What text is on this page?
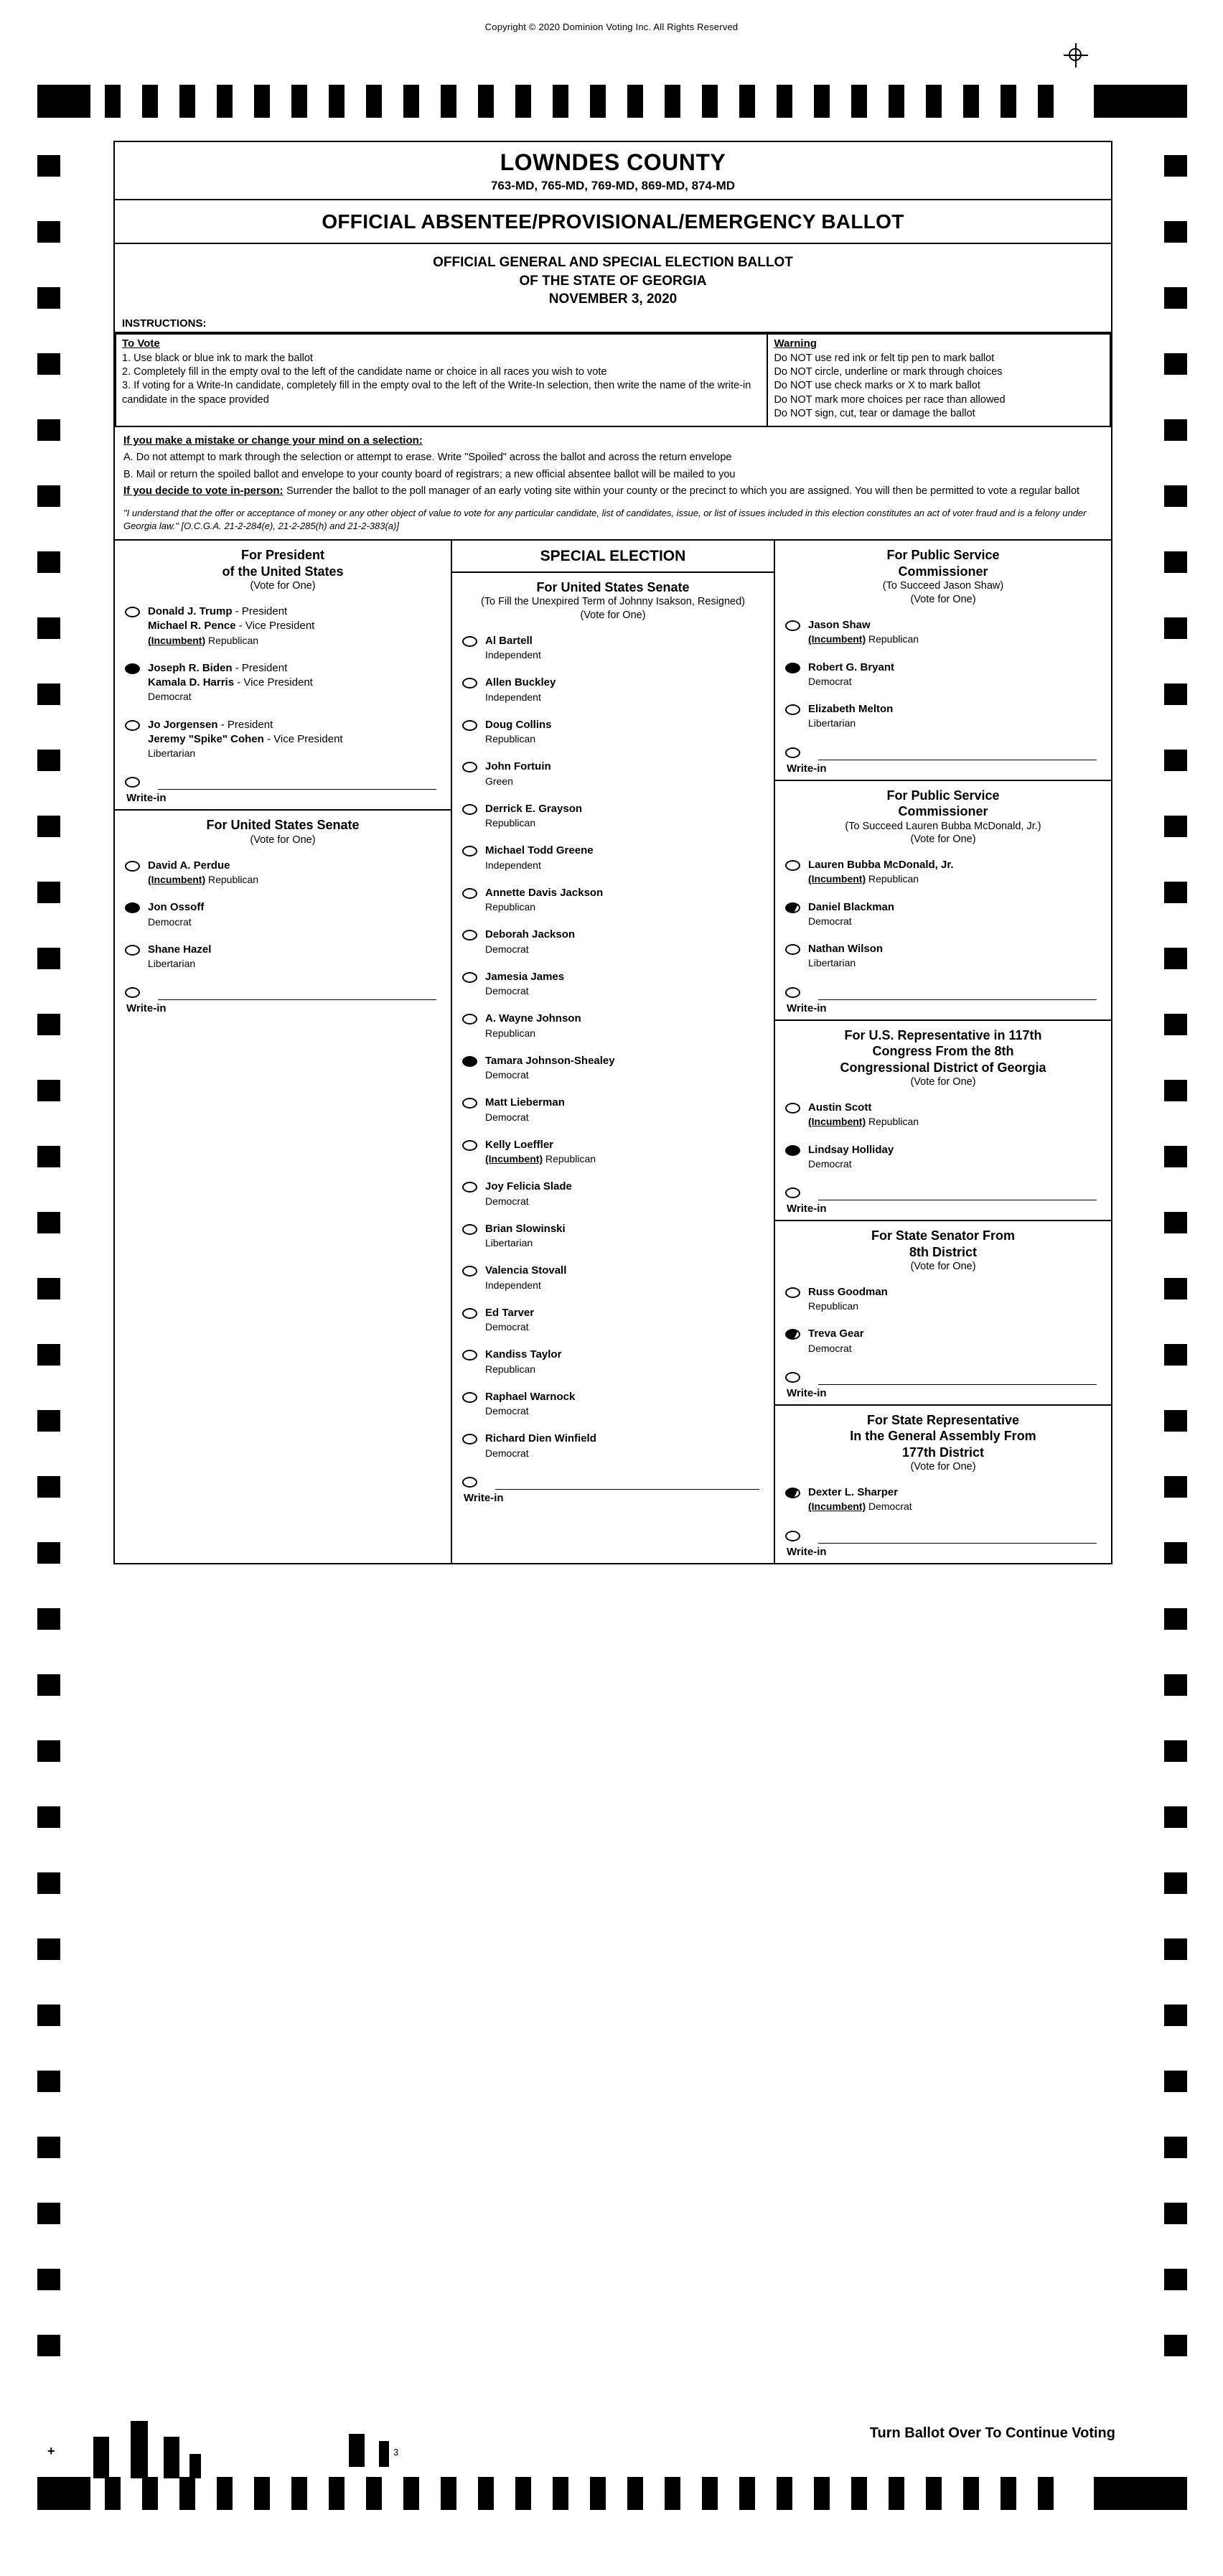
Copyright © 2020 Dominion Voting Inc. All Rights Reserved
LOWNDES COUNTY
763-MD, 765-MD, 769-MD, 869-MD, 874-MD
OFFICIAL ABSENTEE/PROVISIONAL/EMERGENCY BALLOT
OFFICIAL GENERAL AND SPECIAL ELECTION BALLOT
OF THE STATE OF GEORGIA
NOVEMBER 3, 2020
INSTRUCTIONS:
To Vote
1. Use black or blue ink to mark the ballot
2. Completely fill in the empty oval to the left of the candidate name or choice in all races you wish to vote
3. If voting for a Write-In candidate, completely fill in the empty oval to the left of the Write-In selection, then write the name of the write-in candidate in the space provided
Warning
Do NOT use red ink or felt tip pen to mark ballot
Do NOT circle, underline or mark through choices
Do NOT use check marks or X to mark ballot
Do NOT mark more choices per race than allowed
Do NOT sign, cut, tear or damage the ballot
If you make a mistake or change your mind on a selection:
A. Do not attempt to mark through the selection or attempt to erase. Write "Spoiled" across the ballot and across the return envelope
B. Mail or return the spoiled ballot and envelope to your county board of registrars; a new official absentee ballot will be mailed to you
If you decide to vote in-person: Surrender the ballot to the poll manager of an early voting site within your county or the precinct to which you are assigned. You will then be permitted to vote a regular ballot
"I understand that the offer or acceptance of money or any other object of value to vote for any particular candidate, list of candidates, issue, or list of issues included in this election constitutes an act of voter fraud and is a felony under Georgia law." [O.C.G.A. 21-2-284(e), 21-2-285(h) and 21-2-383(a)]
For President
of the United States
(Vote for One)
Donald J. Trump - President
Michael R. Pence - Vice President
(Incumbent) Republican
Joseph R. Biden - President
Kamala D. Harris - Vice President
Democrat
Jo Jorgensen - President
Jeremy "Spike" Cohen - Vice President
Libertarian
Write-in
For United States Senate
(Vote for One)
David A. Perdue
(Incumbent) Republican
Jon Ossoff
Democrat
Shane Hazel
Libertarian
Write-in
SPECIAL ELECTION
For United States Senate
(To Fill the Unexpired Term of Johnny Isakson, Resigned)
(Vote for One)
Al Bartell
Independent
Allen Buckley
Independent
Doug Collins
Republican
John Fortuin
Green
Derrick E. Grayson
Republican
Michael Todd Greene
Independent
Annette Davis Jackson
Republican
Deborah Jackson
Democrat
Jamesia James
Democrat
A. Wayne Johnson
Republican
Tamara Johnson-Shealey
Democrat
Matt Lieberman
Democrat
Kelly Loeffler
(Incumbent) Republican
Joy Felicia Slade
Democrat
Brian Slowinski
Libertarian
Valencia Stovall
Independent
Ed Tarver
Democrat
Kandiss Taylor
Republican
Raphael Warnock
Democrat
Richard Dien Winfield
Democrat
Write-in
For Public Service
Commissioner
(To Succeed Jason Shaw)
(Vote for One)
Jason Shaw
(Incumbent) Republican
Robert G. Bryant
Democrat
Elizabeth Melton
Libertarian
Write-in
For Public Service
Commissioner
(To Succeed Lauren Bubba McDonald, Jr.)
(Vote for One)
Lauren Bubba McDonald, Jr.
(Incumbent) Republican
Daniel Blackman
Democrat
Nathan Wilson
Libertarian
Write-in
For U.S. Representative in 117th
Congress From the 8th
Congressional District of Georgia
(Vote for One)
Austin Scott
(Incumbent) Republican
Lindsay Holliday
Democrat
Write-in
For State Senator From
8th District
(Vote for One)
Russ Goodman
Republican
Treva Gear
Democrat
Write-in
For State Representative
In the General Assembly From
177th District
(Vote for One)
Dexter L. Sharper
(Incumbent) Democrat
Write-in
Turn Ballot Over To Continue Voting
+	3
